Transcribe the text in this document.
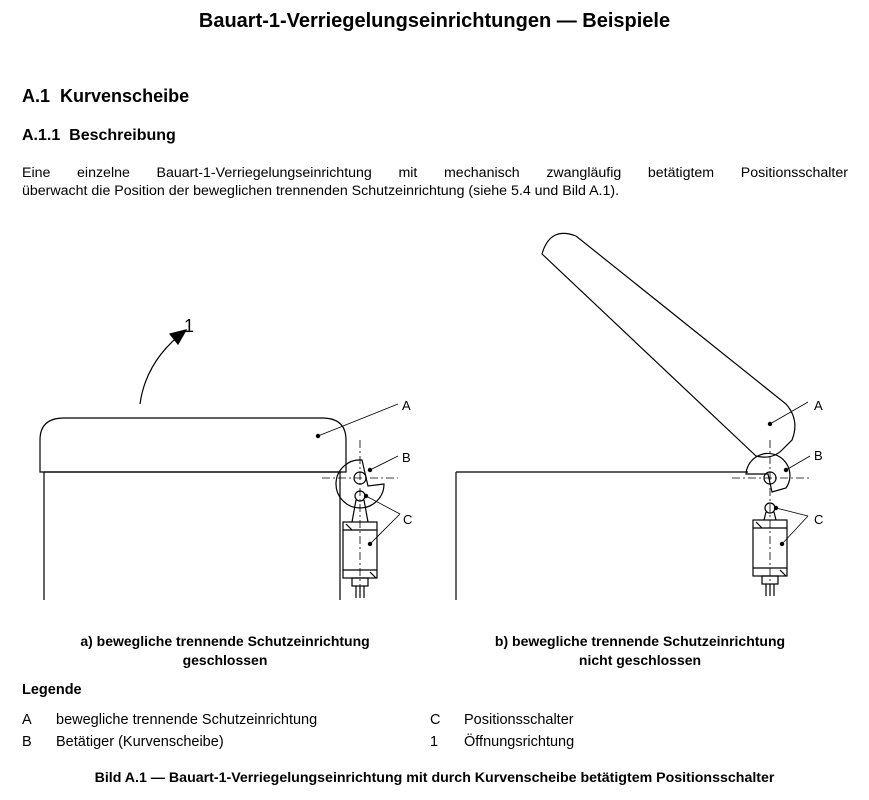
Bauart-1-Verriegelungseinrichtungen — Beispiele
A.1 Kurvenscheibe
A.1.1 Beschreibung
Eine einzelne Bauart-1-Verriegelungseinrichtung mit mechanisch zwangläufig betätigtem Positionsschalter
überwacht die Position der beweglichen trennenden Schutzeinrichtung (siehe 5.4 und Bild A.1).
1
A
B
C
A
B
C
a) bewegliche trennende Schutzeinrichtung
geschlossen
b) bewegliche trennende Schutzeinrichtung
nicht geschlossen
Legende
A bewegliche trennende Schutzeinrichtung
B Betätiger (Kurvenscheibe)
C Positionsschalter
1 Öffnungsrichtung
Bild A.1 — Bauart-1-Verriegelungseinrichtung mit durch Kurvenscheibe betätigtem Positionsschalter
